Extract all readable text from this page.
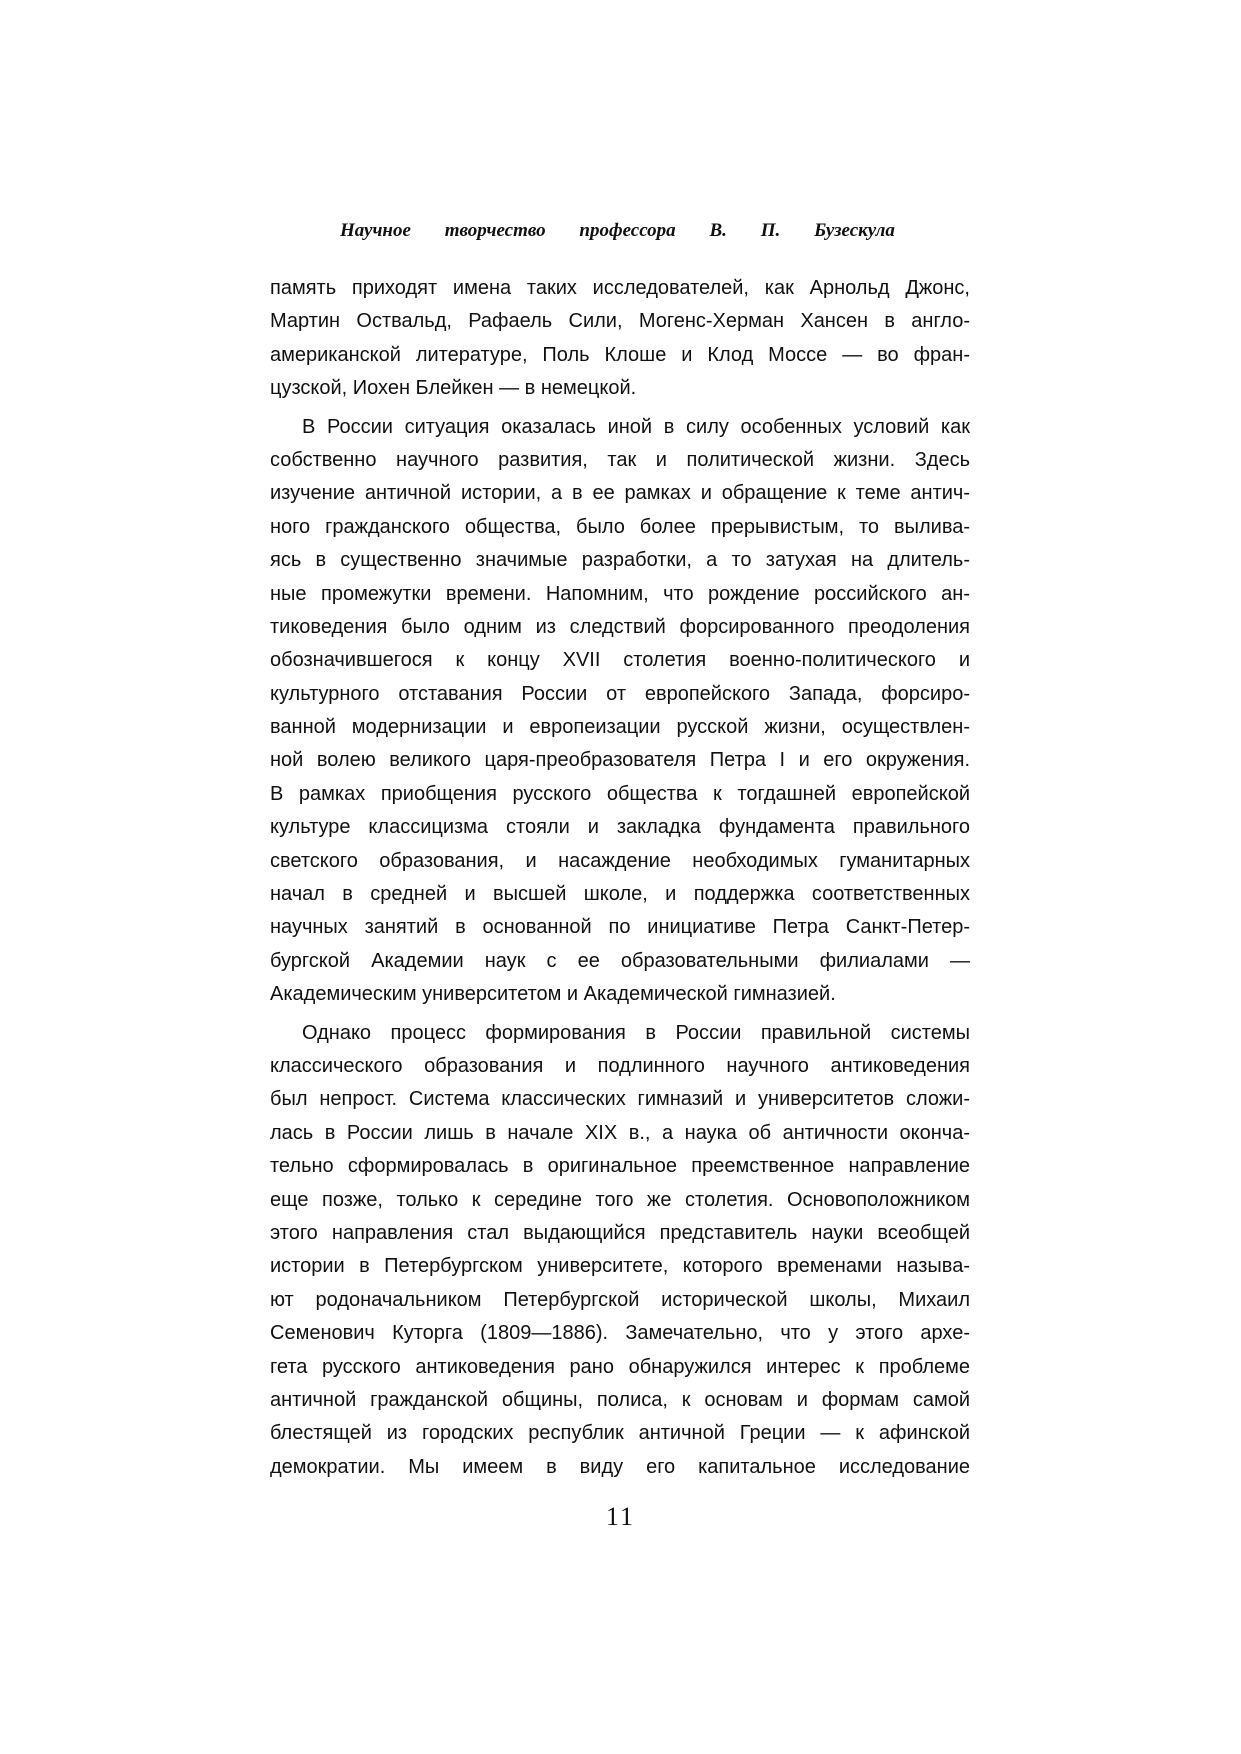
Научное творчество профессора В. П. Бузескула
память приходят имена таких исследователей, как Арнольд Джонс,
Мартин Оствальд, Рафаель Сили, Могенс-Херман Хансен в англо-
американской литературе, Поль Клоше и Клод Моссе — во фран-
цузской, Иохен Блейкен — в немецкой.
В России ситуация оказалась иной в силу особенных условий как
собственно научного развития, так и политической жизни. Здесь
изучение античной истории, а в ее рамках и обращение к теме антич-
ного гражданского общества, было более прерывистым, то вылива-
ясь в существенно значимые разработки, а то затухая на длитель-
ные промежутки времени. Напомним, что рождение российского ан-
тиковедения было одним из следствий форсированного преодоления
обозначившегося к концу XVII столетия военно-политического и
культурного отставания России от европейского Запада, форсиро-
ванной модернизации и европеизации русской жизни, осуществлен-
ной волею великого царя-преобразователя Петра I и его окружения.
В рамках приобщения русского общества к тогдашней европейской
культуре классицизма стояли и закладка фундамента правильного
светского образования, и насаждение необходимых гуманитарных
начал в средней и высшей школе, и поддержка соответственных
научных занятий в основанной по инициативе Петра Санкт-Петер-
бургской Академии наук с ее образовательными филиалами —
Академическим университетом и Академической гимназией.
Однако процесс формирования в России правильной системы
классического образования и подлинного научного антиковедения
был непрост. Система классических гимназий и университетов сложи-
лась в России лишь в начале XIX в., а наука об античности оконча-
тельно сформировалась в оригинальное преемственное направление
еще позже, только к середине того же столетия. Основоположником
этого направления стал выдающийся представитель науки всеобщей
истории в Петербургском университете, которого временами называ-
ют родоначальником Петербургской исторической школы, Михаил
Семенович Куторга (1809—1886). Замечательно, что у этого архе-
гета русского антиковедения рано обнаружился интерес к проблеме
античной гражданской общины, полиса, к основам и формам самой
блестящей из городских республик античной Греции — к афинской
демократии. Мы имеем в виду его капитальное исследование
11
